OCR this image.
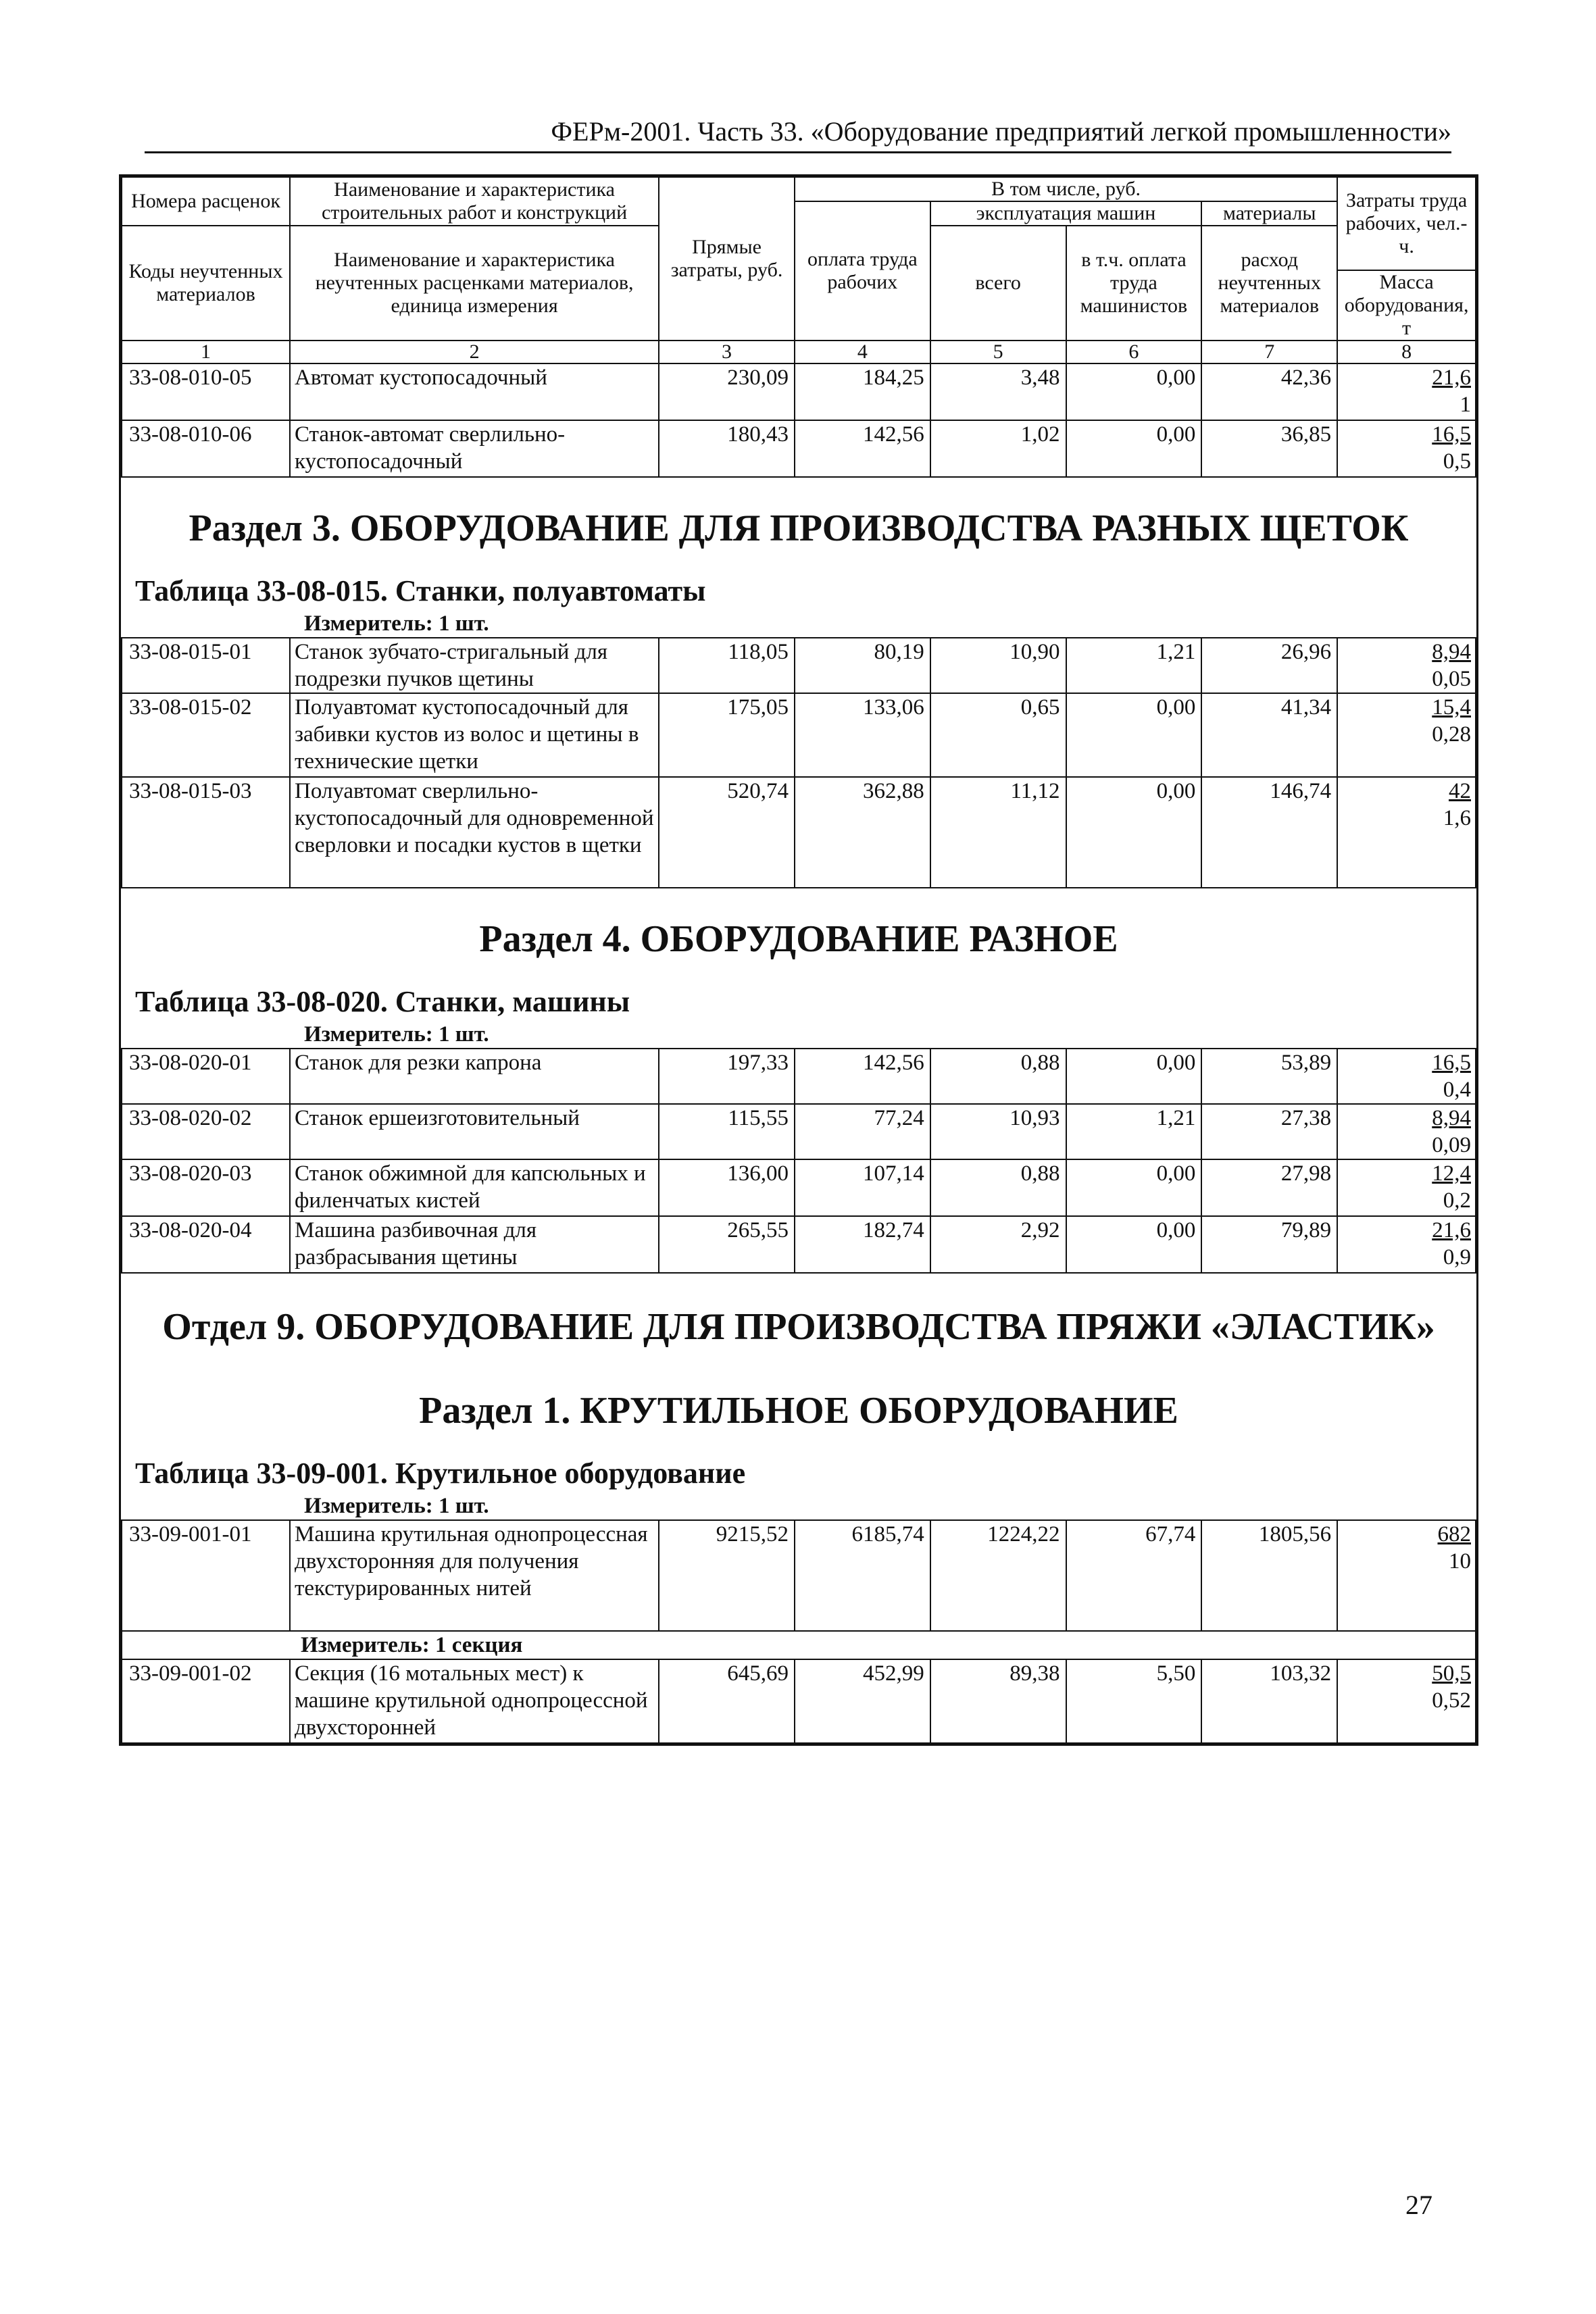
ФЕРм-2001. Часть 33. «Оборудование предприятий легкой промышленности»
Номера расценок	Наименование и характеристика строительных работ и конструкций	Прямые затраты, руб.	В том числе, руб.				Затраты труда рабочих, чел.-ч.
			оплата труда рабочих	эксплуатация машин		материалы	
Коды неучтенных материалов	Наименование и характеристика неучтенных расценками материалов, единица измерения			всего	в т.ч. оплата труда машинистов	расход неучтенных материалов	
							Масса оборудования, т
1	2	3	4	5	6	7	8
33-08-010-05	Автомат кустопосадочный	230,09	184,25	3,48	0,00	42,36	21,6
1

33-08-010-06	Станок-автомат сверлильно-кустопосадочный	180,43	142,56	1,02	0,00	36,85	16,5
0,5

Раздел 3. ОБОРУДОВАНИЕ ДЛЯ ПРОИЗВОДСТВА РАЗНЫХ ЩЕТОК
Таблица 33-08-015. Станки, полуавтоматы
Измеритель: 1 шт.							

33-08-015-01	Станок зубчато-стригальный для подрезки пучков щетины	118,05	80,19	10,90	1,21	26,96	8,94
0,05

33-08-015-02	Полуавтомат кустопосадочный для забивки кустов из волос и щетины в технические щетки	175,05	133,06	0,65	0,00	41,34	15,4
0,28

33-08-015-03	Полуавтомат сверлильно-кустопосадочный для одновременной сверловки и посадки кустов в щетки	520,74	362,88	11,12	0,00	146,74	42
1,6

Раздел 4. ОБОРУДОВАНИЕ РАЗНОЕ
Таблица 33-08-020. Станки, машины
Измеритель: 1 шт.							

33-08-020-01	Станок для резки капрона	197,33	142,56	0,88	0,00	53,89	16,5
0,4

33-08-020-02	Станок ершеизготовительный	115,55	77,24	10,93	1,21	27,38	8,94
0,09

33-08-020-03	Станок обжимной для капсюльных и филенчатых кистей	136,00	107,14	0,88	0,00	27,98	12,4
0,2

33-08-020-04	Машина разбивочная для разбрасывания щетины	265,55	182,74	2,92	0,00	79,89	21,6
0,9

Отдел 9. ОБОРУДОВАНИЕ ДЛЯ ПРОИЗВОДСТВА ПРЯЖИ «ЭЛАСТИК»
Раздел 1. КРУТИЛЬНОЕ ОБОРУДОВАНИЕ
Таблица 33-09-001. Крутильное оборудование
Измеритель: 1 шт.							

33-09-001-01	Машина крутильная однопроцессная двухсторонняя для получения текстурированных нитей	9215,52	6185,74	1224,22	67,74	1805,56	682
10

	Измеритель: 1 секция						
33-09-001-02	Секция (16 мотальных мест) к машине крутильной однопроцессной двухсторонней	645,69	452,99	89,38	5,50	103,32	50,5
0,52
27
